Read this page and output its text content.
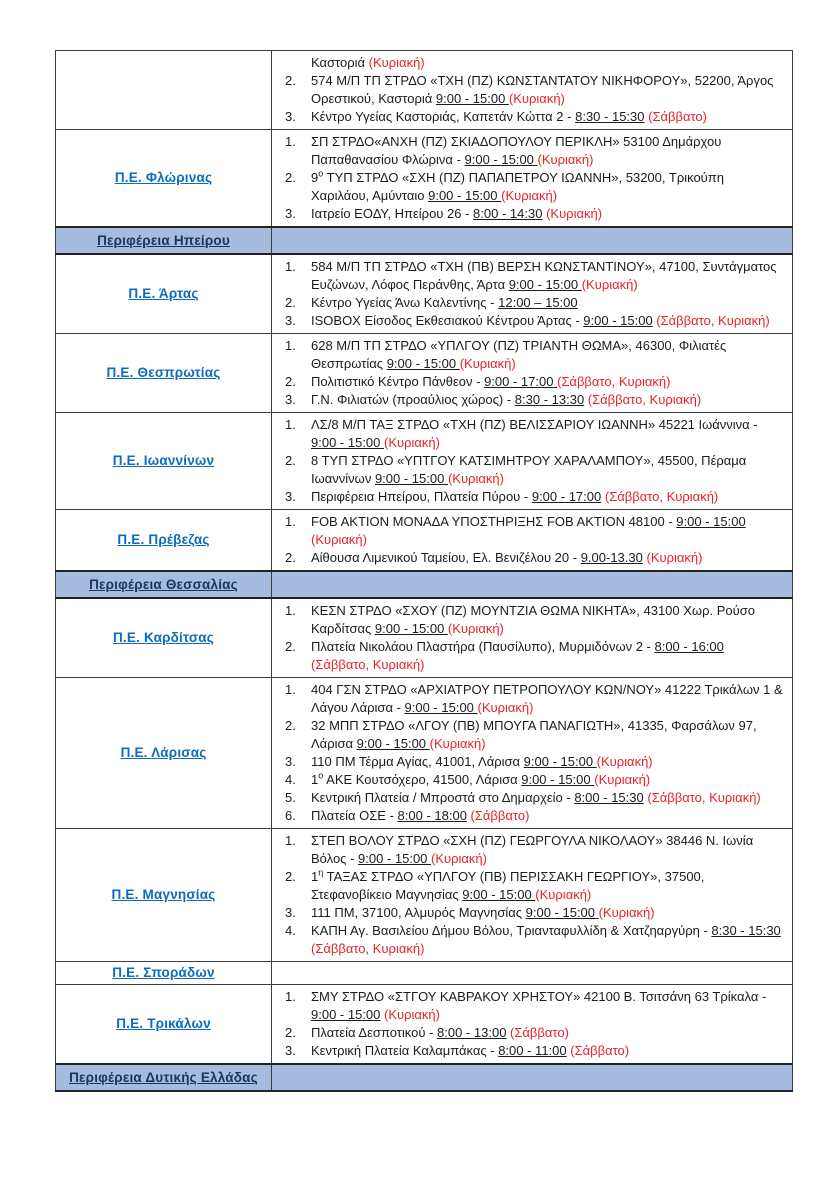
	Καστοριά (Κυριακή)
2. 574 Μ/Π ΤΠ ΣΤΡΔΟ «ΤΧΗ (ΠΖ) ΚΩΝΣΤΑΝΤΑΤΟΥ ΝΙΚΗΦΟΡΟΥ», 52200, Άργος Ορεστικού, Καστοριά 9:00 - 15:00 (Κυριακή)
3. Κέντρο Υγείας Καστοριάς, Καπετάν Κώττα 2 - 8:30 - 15:30 (Σάββατο)

Π.Ε. Φλώρινας	
1. ΣΠ ΣΤΡΔΟ«ΑΝΧΗ (ΠΖ) ΣΚΙΑΔΟΠΟΥΛΟΥ ΠΕΡΙΚΛΗ» 53100 Δημάρχου Παπαθανασίου Φλώρινα - 9:00 - 15:00 (Κυριακή)
2. $9^o$ ΤΥΠ ΣΤΡΔΟ «ΣΧΗ (ΠΖ) ΠΑΠΑΠΕΤΡΟΥ ΙΩΑΝΝΗ», 53200, Τρικούπη Χαριλάου, Αμύνταιο 9:00 - 15:00 (Κυριακή)
3. Ιατρείο ΕΟΔΥ, Ηπείρου 26 - 8:00 - 14:30 (Κυριακή)

Περιφέρεια Ηπείρου	
Π.Ε. Άρτας	
1. 584 Μ/Π ΤΠ ΣΤΡΔΟ «ΤΧΗ (ΠΒ) ΒΕΡΣΗ ΚΩΝΣΤΑΝΤΙΝΟΥ», 47100, Συντάγματος Ευζώνων, Λόφος Περάνθης, Άρτα 9:00 - 15:00 (Κυριακή)
2. Κέντρο Υγείας Άνω Καλεντίνης - 12:00 – 15:00
3. ISOBOX Είσοδος Εκθεσιακού Κέντρου Άρτας - 9:00 - 15:00 (Σάββατο, Κυριακή)

Π.Ε. Θεσπρωτίας	
1. 628 Μ/Π ΤΠ ΣΤΡΔΟ «ΥΠΛΓΟΥ (ΠΖ) ΤΡΙΑΝΤΗ ΘΩΜΑ», 46300, Φιλιατές Θεσπρωτίας 9:00 - 15:00 (Κυριακή)
2. Πολιτιστικό Κέντρο Πάνθεον - 9:00 - 17:00 (Σάββατο, Κυριακή)
3. Γ.Ν. Φιλιατών (προαύλιος χώρος) - 8:30 - 13:30 (Σάββατο, Κυριακή)

Π.Ε. Ιωαννίνων	
1. ΛΣ/8 Μ/Π ΤΑΞ ΣΤΡΔΟ «ΤΧΗ (ΠΖ) ΒΕΛΙΣΣΑΡΙΟΥ ΙΩΑΝΝΗ» 45221 Ιωάννινα - 9:00 - 15:00 (Κυριακή)
2. 8 ΤΥΠ ΣΤΡΔΟ «ΥΠΤΓΟΥ ΚΑΤΣΙΜΗΤΡΟΥ ΧΑΡΑΛΑΜΠΟΥ», 45500, Πέραμα Ιωαννίνων 9:00 - 15:00 (Κυριακή)
3. Περιφέρεια Ηπείρου, Πλατεία Πύρου - 9:00 - 17:00 (Σάββατο, Κυριακή)

Π.Ε. Πρέβεζας	1. FOB AKTION ΜΟΝΑΔΑ ΥΠΟΣΤΗΡΙΞΗΣ FOB AKTION 48100 - 9:00 - 15:00 (Κυριακή)
2. Αίθουσα Λιμενικού Ταμείου, Ελ. Βενιζέλου 20 - 9.00-13.30 (Κυριακή)

Περιφέρεια Θεσσαλίας	
Π.Ε. Καρδίτσας	1. ΚΕΣΝ ΣΤΡΔΟ «ΣΧΟΥ (ΠΖ) ΜΟΥΝΤΖΙΑ ΘΩΜΑ ΝΙΚΗΤΑ», 43100 Χωρ. Ρούσο Καρδίτσας 9:00 - 15:00 (Κυριακή)
2. Πλατεία Νικολάου Πλαστήρα (Παυσίλυπο), Μυρμιδόνων 2 - 8:00 - 16:00 (Σάββατο, Κυριακή)

Π.Ε. Λάρισας	
1. 404 ΓΣΝ ΣΤΡΔΟ «ΑΡΧΙΑΤΡΟΥ ΠΕΤΡΟΠΟΥΛΟΥ ΚΩΝ/ΝΟΥ» 41222 Τρικάλων 1 & Λάγου Λάρισα - 9:00 - 15:00 (Κυριακή)
2. 32 ΜΠΠ ΣΤΡΔΟ «ΛΓΟΥ (ΠΒ) ΜΠΟΥΓΑ ΠΑΝΑΓΙΩΤΗ», 41335, Φαρσάλων 97, Λάρισα 9:00 - 15:00 (Κυριακή)
3. 110 ΠΜ Τέρμα Αγίας, 41001, Λάρισα 9:00 - 15:00 (Κυριακή)
4. $1^o$ ΑΚΕ Κουτσόχερο, 41500, Λάρισα 9:00 - 15:00 (Κυριακή)
5. Κεντρική Πλατεία / Μπροστά στο Δημαρχείο - 8:00 - 15:30 (Σάββατο, Κυριακή)
6. Πλατεία ΟΣΕ - 8:00 - 18:00 (Σάββατο)

Π.Ε. Μαγνησίας	
1. ΣΤΕΠ ΒΟΛΟΥ ΣΤΡΔΟ «ΣΧΗ (ΠΖ) ΓΕΩΡΓΟΥΛΑ ΝΙΚΟΛΑΟΥ» 38446 Ν. Ιωνία Βόλος - 9:00 - 15:00 (Κυριακή)
2. $1^\eta$ ΤΑΞΑΣ ΣΤΡΔΟ «ΥΠΛΓΟΥ (ΠΒ) ΠΕΡΙΣΣΑΚΗ ΓΕΩΡΓΙΟΥ», 37500, Στεφανοβίκειο Μαγνησίας 9:00 - 15:00 (Κυριακή)
3. 111 ΠΜ, 37100, Αλμυρός Μαγνησίας 9:00 - 15:00 (Κυριακή)
4. ΚΑΠΗ Αγ. Βασιλείου Δήμου Βόλου, Τριανταφυλλίδη & Χατζηαργύρη - 8:30 - 15:30 (Σάββατο, Κυριακή)

Π.Ε. Σποράδων	
Π.Ε. Τρικάλων	
1. ΣΜΥ ΣΤΡΔΟ «ΣΤΓΟΥ ΚΑΒΡΑΚΟΥ ΧΡΗΣΤΟΥ» 42100 Β. Τσιτσάνη 63 Τρίκαλα - 9:00 - 15:00 (Κυριακή)
2. Πλατεία Δεσποτικού - 8:00 - 13:00 (Σάββατο)
3. Κεντρική Πλατεία Καλαμπάκας - 8:00 - 11:00 (Σάββατο)

Περιφέρεια Δυτικής Ελλάδας	
